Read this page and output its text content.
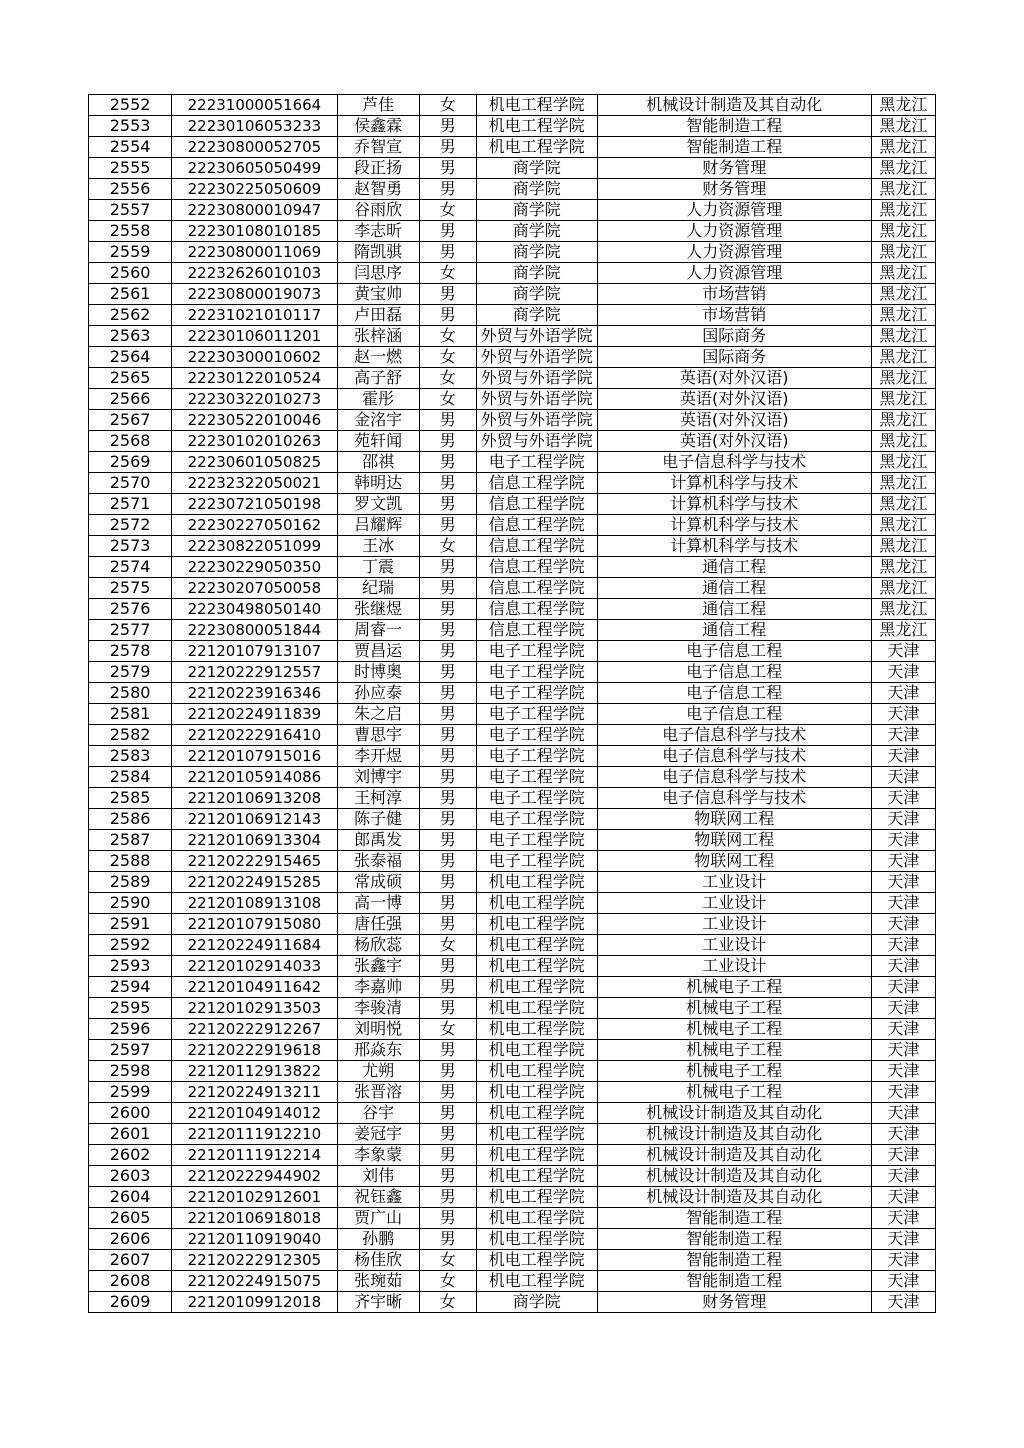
2552	22231000051664	芦佳	女	机电工程学院	机械设计制造及其自动化	黑龙江
2553	22230106053233	侯鑫霖	男	机电工程学院	智能制造工程	黑龙江
2554	22230800052705	乔智宣	男	机电工程学院	智能制造工程	黑龙江
2555	22230605050499	段正扬	男	商学院	财务管理	黑龙江
2556	22230225050609	赵智勇	男	商学院	财务管理	黑龙江
2557	22230800010947	谷雨欣	女	商学院	人力资源管理	黑龙江
2558	22230108010185	李志昕	男	商学院	人力资源管理	黑龙江
2559	22230800011069	隋凯骐	男	商学院	人力资源管理	黑龙江
2560	22232626010103	闫思序	女	商学院	人力资源管理	黑龙江
2561	22230800019073	黄宝帅	男	商学院	市场营销	黑龙江
2562	22231021010117	卢田磊	男	商学院	市场营销	黑龙江
2563	22230106011201	张梓涵	女	外贸与外语学院	国际商务	黑龙江
2564	22230300010602	赵一燃	女	外贸与外语学院	国际商务	黑龙江
2565	22230122010524	高子舒	女	外贸与外语学院	英语(对外汉语)	黑龙江
2566	22230322010273	霍彤	女	外贸与外语学院	英语(对外汉语)	黑龙江
2567	22230522010046	金洺宇	男	外贸与外语学院	英语(对外汉语)	黑龙江
2568	22230102010263	苑轩闻	男	外贸与外语学院	英语(对外汉语)	黑龙江
2569	22230601050825	邵祺	男	电子工程学院	电子信息科学与技术	黑龙江
2570	22232322050021	韩明达	男	信息工程学院	计算机科学与技术	黑龙江
2571	22230721050198	罗文凯	男	信息工程学院	计算机科学与技术	黑龙江
2572	22230227050162	吕耀辉	男	信息工程学院	计算机科学与技术	黑龙江
2573	22230822051099	王冰	女	信息工程学院	计算机科学与技术	黑龙江
2574	22230229050350	丁震	男	信息工程学院	通信工程	黑龙江
2575	22230207050058	纪瑞	男	信息工程学院	通信工程	黑龙江
2576	22230498050140	张继煜	男	信息工程学院	通信工程	黑龙江
2577	22230800051844	周睿一	男	信息工程学院	通信工程	黑龙江
2578	22120107913107	贾昌运	男	电子工程学院	电子信息工程	天津
2579	22120222912557	时博奥	男	电子工程学院	电子信息工程	天津
2580	22120223916346	孙应泰	男	电子工程学院	电子信息工程	天津
2581	22120224911839	朱之启	男	电子工程学院	电子信息工程	天津
2582	22120222916410	曹思宇	男	电子工程学院	电子信息科学与技术	天津
2583	22120107915016	李开煜	男	电子工程学院	电子信息科学与技术	天津
2584	22120105914086	刘博宇	男	电子工程学院	电子信息科学与技术	天津
2585	22120106913208	王柯淳	男	电子工程学院	电子信息科学与技术	天津
2586	22120106912143	陈子健	男	电子工程学院	物联网工程	天津
2587	22120106913304	郎禹发	男	电子工程学院	物联网工程	天津
2588	22120222915465	张泰福	男	电子工程学院	物联网工程	天津
2589	22120224915285	常成硕	男	机电工程学院	工业设计	天津
2590	22120108913108	高一博	男	机电工程学院	工业设计	天津
2591	22120107915080	唐任强	男	机电工程学院	工业设计	天津
2592	22120224911684	杨欣蕊	女	机电工程学院	工业设计	天津
2593	22120102914033	张鑫宇	男	机电工程学院	工业设计	天津
2594	22120104911642	李嘉帅	男	机电工程学院	机械电子工程	天津
2595	22120102913503	李骏清	男	机电工程学院	机械电子工程	天津
2596	22120222912267	刘明悦	女	机电工程学院	机械电子工程	天津
2597	22120222919618	邢焱东	男	机电工程学院	机械电子工程	天津
2598	22120112913822	尤朔	男	机电工程学院	机械电子工程	天津
2599	22120224913211	张晋溶	男	机电工程学院	机械电子工程	天津
2600	22120104914012	谷宇	男	机电工程学院	机械设计制造及其自动化	天津
2601	22120111912210	姜冠宇	男	机电工程学院	机械设计制造及其自动化	天津
2602	22120111912214	李象蒙	男	机电工程学院	机械设计制造及其自动化	天津
2603	22120222944902	刘伟	男	机电工程学院	机械设计制造及其自动化	天津
2604	22120102912601	祝钰鑫	男	机电工程学院	机械设计制造及其自动化	天津
2605	22120106918018	贾广山	男	机电工程学院	智能制造工程	天津
2606	22120110919040	孙鹏	男	机电工程学院	智能制造工程	天津
2607	22120222912305	杨佳欣	女	机电工程学院	智能制造工程	天津
2608	22120224915075	张琬茹	女	机电工程学院	智能制造工程	天津
2609	22120109912018	齐宇晰	女	商学院	财务管理	天津
